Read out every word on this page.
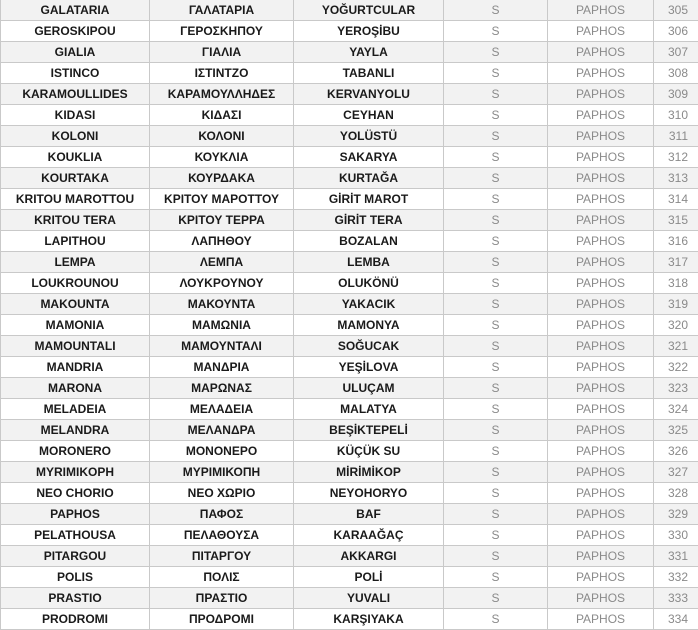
GALATARIA	ΓΑΛΑΤΑΡΙΑ	YOĞURTCULAR	S	PAPHOS	305
GEROSKIPOU	ΓΕΡΟΣΚΗΠΟΥ	YEROŞİBU	S	PAPHOS	306
GIALIA	ΓΙΑΛΙΑ	YAYLA	S	PAPHOS	307
ISTINCO	ΙΣΤΙΝΤΖΟ	TABANLI	S	PAPHOS	308
KARAMOULLIDES	ΚΑΡΑΜΟΥΛΛΗΔΕΣ	KERVANYOLU	S	PAPHOS	309
KIDASI	ΚΙΔΑΣΙ	CEYHAN	S	PAPHOS	310
KOLONI	ΚΟΛΟΝΙ	YOLÜSTÜ	S	PAPHOS	311
KOUKLIA	ΚΟΥΚΛΙΑ	SAKARYA	S	PAPHOS	312
KOURTAKA	ΚΟΥΡΔΑΚΑ	KURTAĞA	S	PAPHOS	313
KRITOU MAROTTOU	ΚΡΙΤΟΥ ΜΑΡΟΤΤΟΥ	GİRİT MAROT	S	PAPHOS	314
KRITOU TERA	ΚΡΙΤΟΥ ΤΕΡΡΑ	GİRİT TERA	S	PAPHOS	315
LAPITHOU	ΛΑΠΗΘΟΥ	BOZALAN	S	PAPHOS	316
LEMPA	ΛΕΜΠΑ	LEMBA	S	PAPHOS	317
LOUKROUNOU	ΛΟΥΚΡΟΥΝΟΥ	OLUKÖNÜ	S	PAPHOS	318
MAKOUNTA	ΜΑΚΟΥΝΤΑ	YAKACIK	S	PAPHOS	319
MAMONIA	ΜΑΜΩΝΙΑ	MAMONYA	S	PAPHOS	320
MAMOUNTALI	ΜΑΜΟΥΝΤΑΛΙ	SOĞUCAK	S	PAPHOS	321
MANDRIA	ΜΑΝΔΡΙΑ	YEŞİLOVA	S	PAPHOS	322
MARONA	ΜΑΡΩΝΑΣ	ULUÇAM	S	PAPHOS	323
MELADEIA	ΜΕΛΑΔΕΙΑ	MALATYA	S	PAPHOS	324
MELANDRA	ΜΕΛΑΝΔΡΑ	BEŞİKTEPELİ	S	PAPHOS	325
MORONERO	ΜΟΝΟΝΕΡΟ	KÜÇÜK SU	S	PAPHOS	326
MYRIMIKOPH	ΜΥΡΙΜΙΚΟΠΗ	MİRİMİKOP	S	PAPHOS	327
NEO CHORIO	ΝΕΟ ΧΩΡΙΟ	NEYOHORYO	S	PAPHOS	328
PAPHOS	ΠΑΦΟΣ	BAF	S	PAPHOS	329
PELATHOUSA	ΠΕΛΑΘΟΥΣΑ	KARAAĞAÇ	S	PAPHOS	330
PITARGOU	ΠΙΤΑΡΓΟΥ	AKKARGI	S	PAPHOS	331
POLIS	ΠΟΛΙΣ	POLİ	S	PAPHOS	332
PRASTIO	ΠΡΑΣΤΙΟ	YUVALI	S	PAPHOS	333
PRODROMI	ΠΡΟΔΡΟΜΙ	KARŞIYAKA	S	PAPHOS	334
